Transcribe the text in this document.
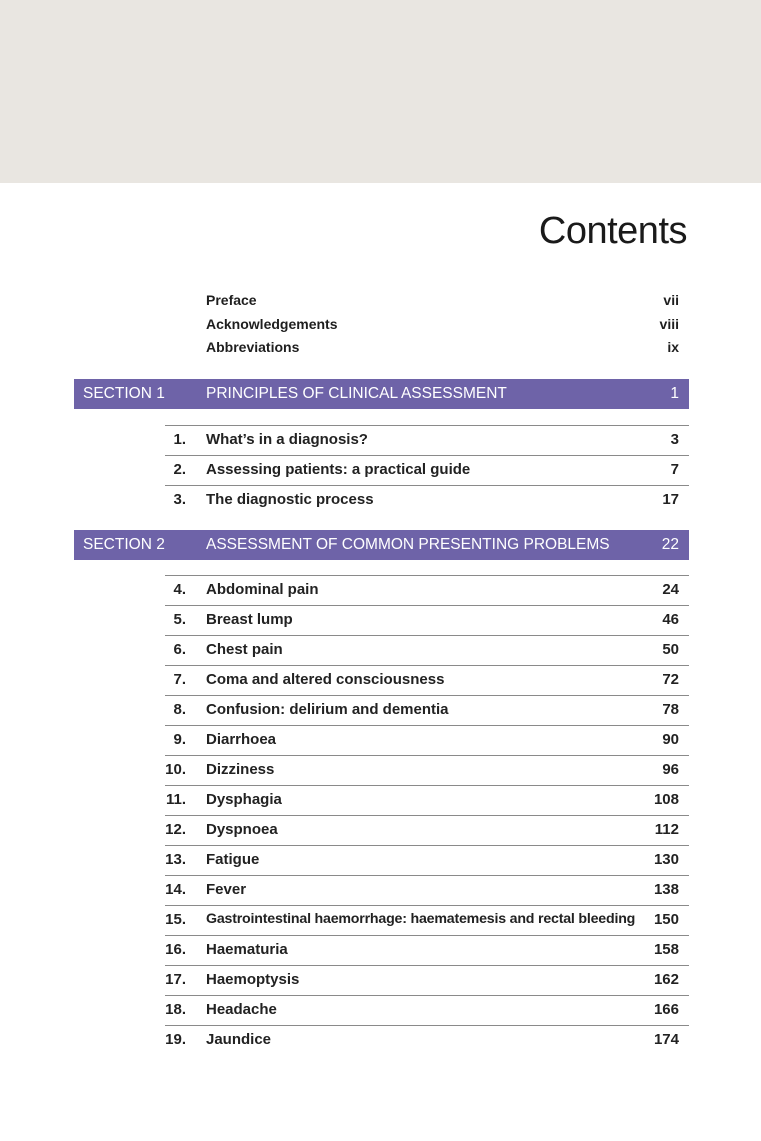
Contents
Preface	vii
Acknowledgements	viii
Abbreviations	ix
SECTION 1	PRINCIPLES OF CLINICAL ASSESSMENT	1
1. What’s in a diagnosis?	3
2. Assessing patients: a practical guide	7
3. The diagnostic process	17
SECTION 2	ASSESSMENT OF COMMON PRESENTING PROBLEMS	22
4. Abdominal pain	24
5. Breast lump	46
6. Chest pain	50
7. Coma and altered consciousness	72
8. Confusion: delirium and dementia	78
9. Diarrhoea	90
10. Dizziness	96
11. Dysphagia	108
12. Dyspnoea	112
13. Fatigue	130
14. Fever	138
15. Gastrointestinal haemorrhage: haematemesis and rectal bleeding 150
16. Haematuria	158
17. Haemoptysis	162
18. Headache	166
19. Jaundice	174
